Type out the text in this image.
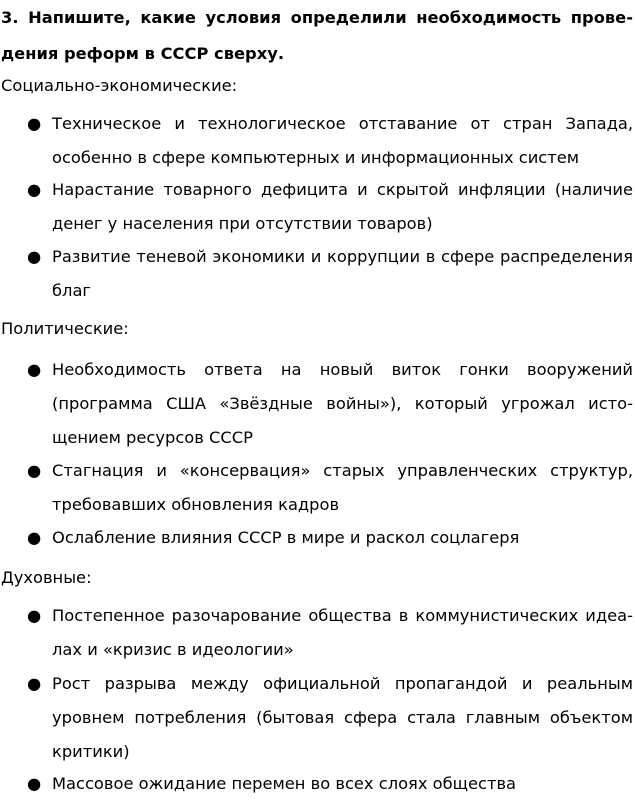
3. Напишите, какие условия определили необходимость проведения реформ в СССР сверху.

Социально-экономические:

● Техническое и технологическое отставание от стран Запада, особенно в сфере компьютерных и информационных систем
● Нарастание товарного дефицита и скрытой инфляции (наличие денег у населения при отсутствии товаров)
● Развитие теневой экономики и коррупции в сфере распределения благ

Политические:

● Необходимость ответа на новый виток гонки вооружений (программа США «Звёздные войны»), который угрожал истощением ресурсов СССР
● Стагнация и «консервация» старых управленческих структур, требовавших обновления кадров
● Ослабление влияния СССР в мире и раскол соцлагеря

Духовные:

● Постепенное разочарование общества в коммунистических идеалах и «кризис в идеологии»
● Рост разрыва между официальной пропагандой и реальным уровнем потребления (бытовая сфера стала главным объектом критики)
● Массовое ожидание перемен во всех слоях общества
